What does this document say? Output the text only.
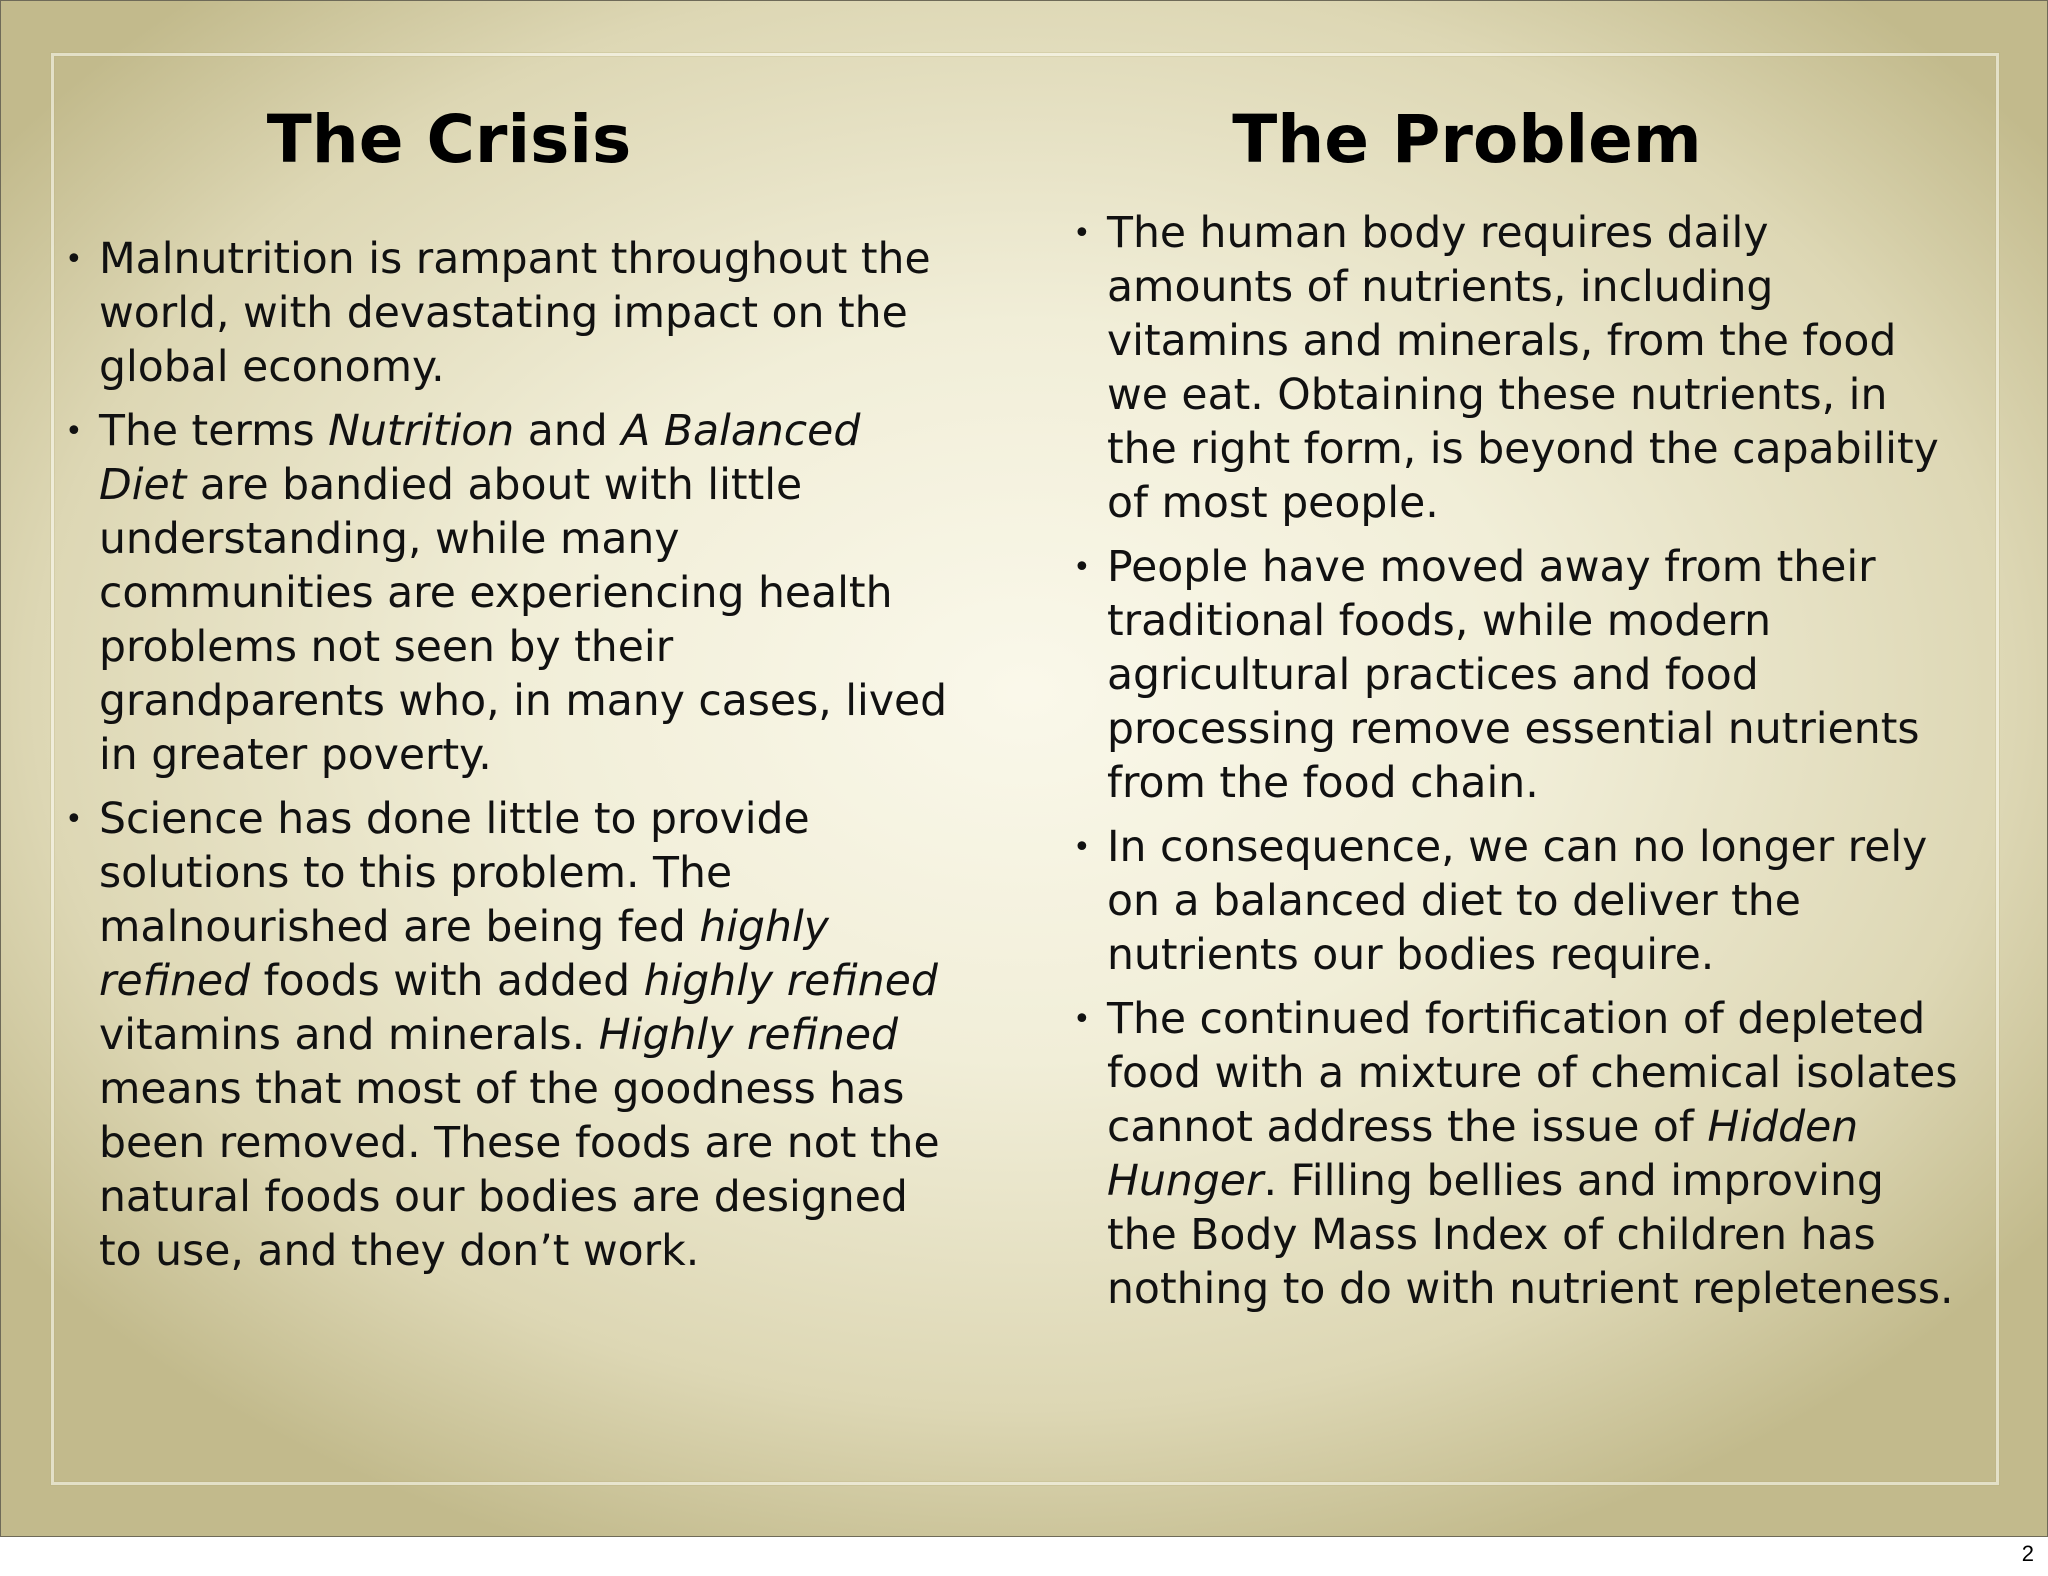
The Crisis
• Malnutrition is rampant throughout the world, with devastating impact on the global economy.
• The terms Nutrition and A Balanced Diet are bandied about with little understanding, while many communities are experiencing health problems not seen by their grandparents who, in many cases, lived in greater poverty.
• Science has done little to provide solutions to this problem. The malnourished are being fed highly refined foods with added highly refined vitamins and minerals. Highly refined means that most of the goodness has been removed. These foods are not the natural foods our bodies are designed to use, and they don’t work.
The Problem
• The human body requires daily amounts of nutrients, including vitamins and minerals, from the food we eat. Obtaining these nutrients, in the right form, is beyond the capability of most people.
• People have moved away from their traditional foods, while modern agricultural practices and food processing remove essential nutrients from the food chain.
• In consequence, we can no longer rely on a balanced diet to deliver the nutrients our bodies require.
• The continued fortification of depleted food with a mixture of chemical isolates cannot address the issue of Hidden Hunger. Filling bellies and improving the Body Mass Index of children has nothing to do with nutrient repleteness.
2
